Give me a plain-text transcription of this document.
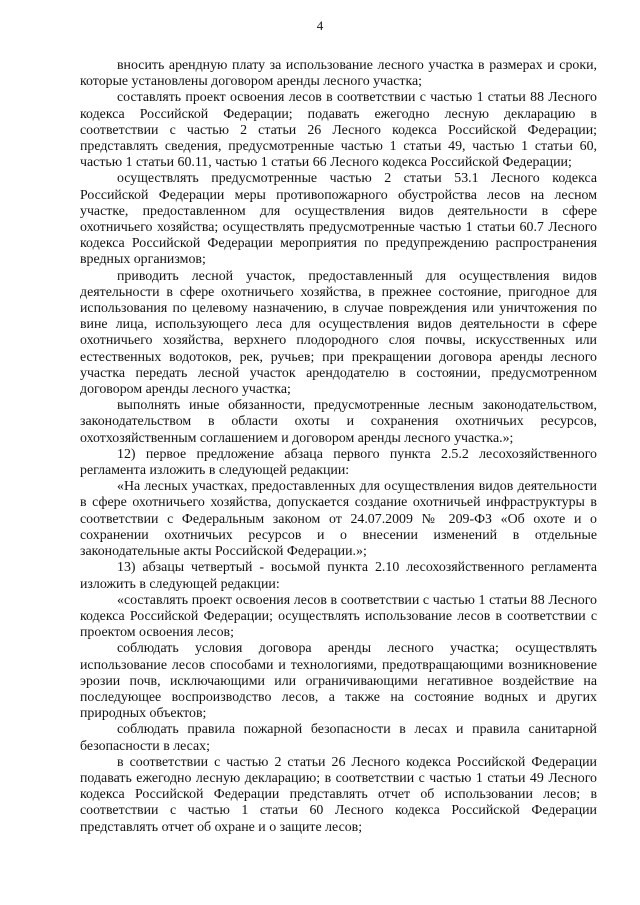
4

вносить арендную плату за использование лесного участка в размерах и сроки, которые установлены договором аренды лесного участка;

составлять проект освоения лесов в соответствии с частью 1 статьи 88 Лесного кодекса Российской Федерации; подавать ежегодно лесную декларацию в соответствии с частью 2 статьи 26 Лесного кодекса Российской Федерации; представлять сведения, предусмотренные частью 1 статьи 49, частью 1 статьи 60, частью 1 статьи 60.11, частью 1 статьи 66 Лесного кодекса Российской Федерации;

осуществлять предусмотренные частью 2 статьи 53.1 Лесного кодекса Российской Федерации меры противопожарного обустройства лесов на лесном участке, предоставленном для осуществления видов деятельности в сфере охотничьего хозяйства; осуществлять предусмотренные частью 1 статьи 60.7 Лесного кодекса Российской Федерации мероприятия по предупреждению распространения вредных организмов;

приводить лесной участок, предоставленный для осуществления видов деятельности в сфере охотничьего хозяйства, в прежнее состояние, пригодное для использования по целевому назначению, в случае повреждения или уничтожения по вине лица, использующего леса для осуществления видов деятельности в сфере охотничьего хозяйства, верхнего плодородного слоя почвы, искусственных или естественных водотоков, рек, ручьев; при прекращении договора аренды лесного участка передать лесной участок арендодателю в состоянии, предусмотренном договором аренды лесного участка;

выполнять иные обязанности, предусмотренные лесным законодательством, законодательством в области охоты и сохранения охотничьих ресурсов, охотхозяйственным соглашением и договором аренды лесного участка.»;

12) первое предложение абзаца первого пункта 2.5.2 лесохозяйственного регламента изложить в следующей редакции:

«На лесных участках, предоставленных для осуществления видов деятельности в сфере охотничьего хозяйства, допускается создание охотничьей инфраструктуры в соответствии с Федеральным законом от 24.07.2009 № 209-ФЗ «Об охоте и о сохранении охотничьих ресурсов и о внесении изменений в отдельные законодательные акты Российской Федерации.»;

13) абзацы четвертый - восьмой пункта 2.10 лесохозяйственного регламента изложить в следующей редакции:

«составлять проект освоения лесов в соответствии с частью 1 статьи 88 Лесного кодекса Российской Федерации; осуществлять использование лесов в соответствии с проектом освоения лесов;

соблюдать условия договора аренды лесного участка; осуществлять использование лесов способами и технологиями, предотвращающими возникновение эрозии почв, исключающими или ограничивающими негативное воздействие на последующее воспроизводство лесов, а также на состояние водных и других природных объектов;

соблюдать правила пожарной безопасности в лесах и правила санитарной безопасности в лесах;

в соответствии с частью 2 статьи 26 Лесного кодекса Российской Федерации подавать ежегодно лесную декларацию; в соответствии с частью 1 статьи 49 Лесного кодекса Российской Федерации представлять отчет об использовании лесов; в соответствии с частью 1 статьи 60 Лесного кодекса Российской Федерации представлять отчет об охране и о защите лесов;
